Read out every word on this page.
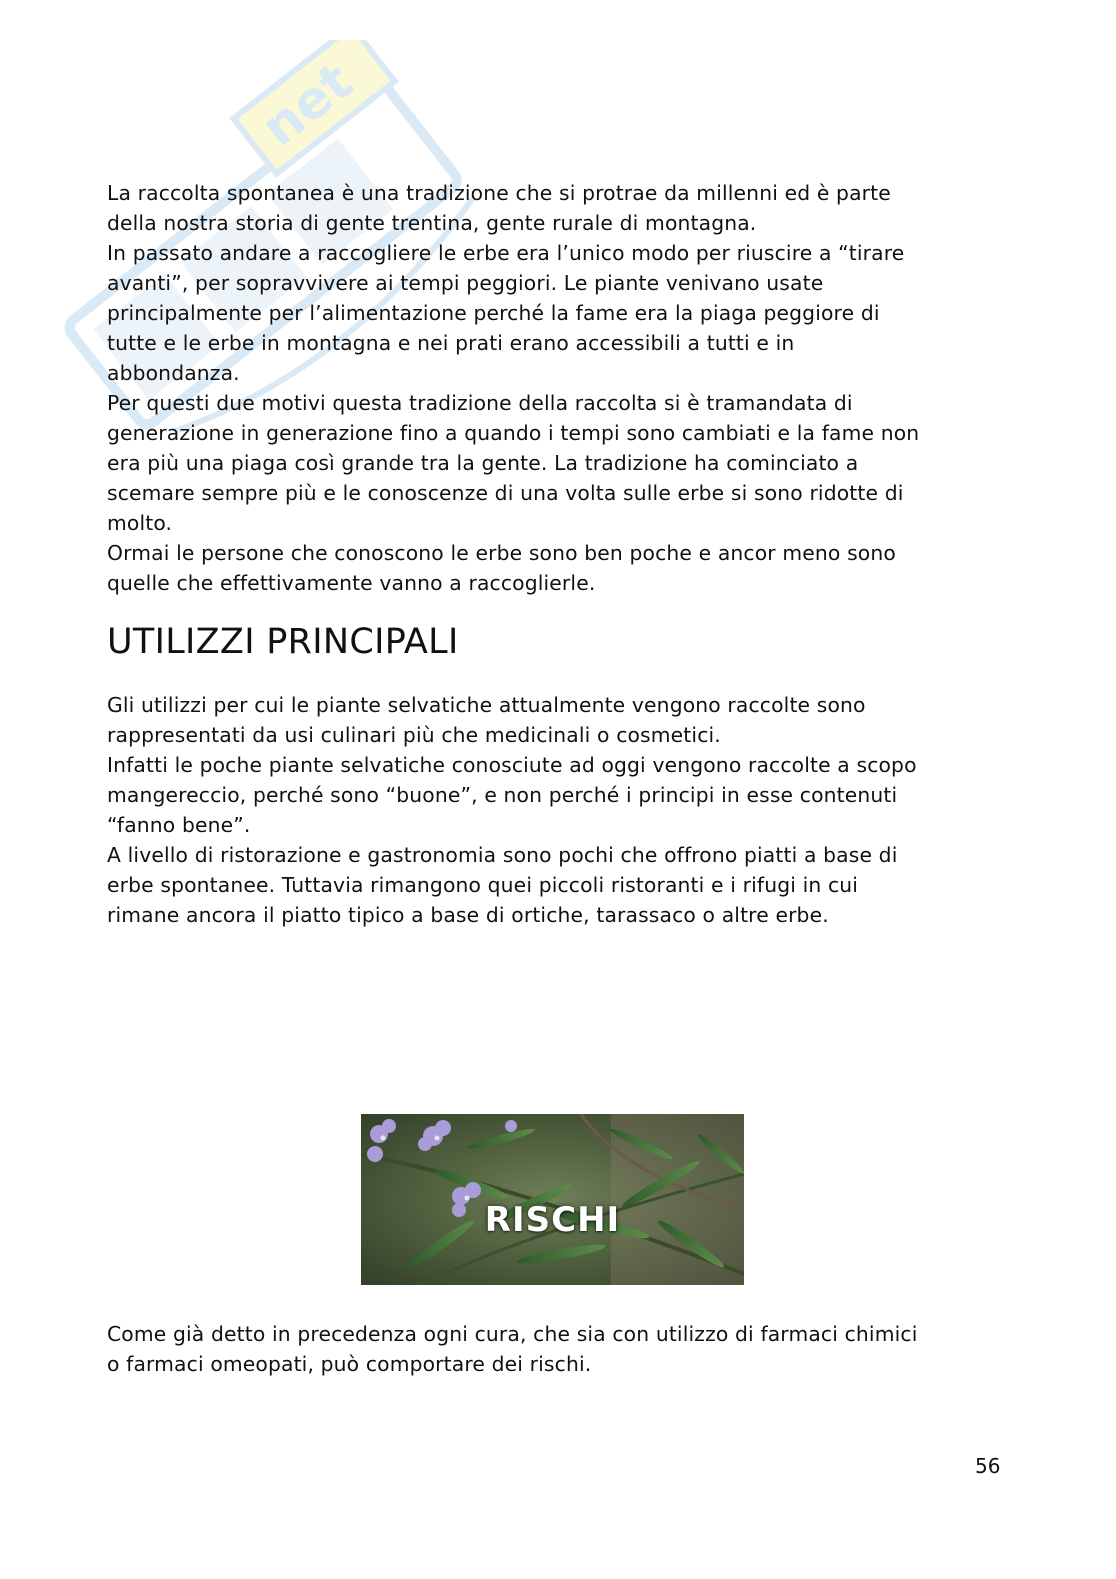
net

La raccolta spontanea è una tradizione che si protrae da millenni ed è parte
della nostra storia di gente trentina, gente rurale di montagna.
In passato andare a raccogliere le erbe era l’unico modo per riuscire a “tirare
avanti”, per sopravvivere ai tempi peggiori. Le piante venivano usate
principalmente per l’alimentazione perché la fame era la piaga peggiore di
tutte e le erbe in montagna e nei prati erano accessibili a tutti e in
abbondanza.
Per questi due motivi questa tradizione della raccolta si è tramandata di
generazione in generazione fino a quando i tempi sono cambiati e la fame non
era più una piaga così grande tra la gente. La tradizione ha cominciato a
scemare sempre più e le conoscenze di una volta sulle erbe si sono ridotte di
molto.
Ormai le persone che conoscono le erbe sono ben poche e ancor meno sono
quelle che effettivamente vanno a raccoglierle.

UTILIZZI PRINCIPALI

Gli utilizzi per cui le piante selvatiche attualmente vengono raccolte sono
rappresentati da usi culinari più che medicinali o cosmetici.
Infatti le poche piante selvatiche conosciute ad oggi vengono raccolte a scopo
mangereccio, perché sono “buone”, e non perché i principi in esse contenuti
“fanno bene”.
A livello di ristorazione e gastronomia sono pochi che offrono piatti a base di
erbe spontanee. Tuttavia rimangono quei piccoli ristoranti e i rifugi in cui
rimane ancora il piatto tipico a base di ortiche, tarassaco o altre erbe.

RISCHI

Come già detto in precedenza ogni cura, che sia con utilizzo di farmaci chimici
o farmaci omeopati, può comportare dei rischi.

56
